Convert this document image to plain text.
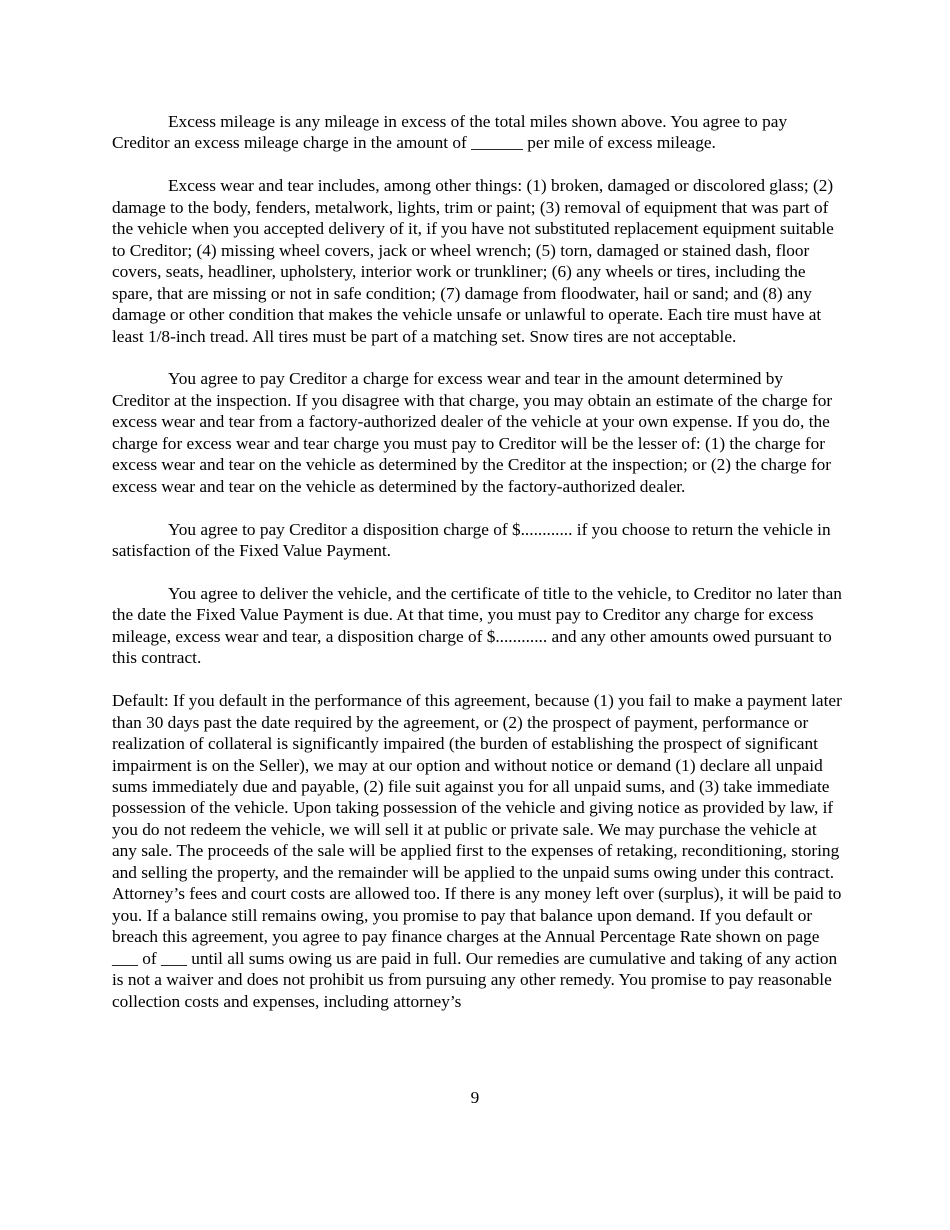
Excess mileage is any mileage in excess of the total miles shown above. You agree to pay Creditor an excess mileage charge in the amount of ______ per mile of excess mileage.

Excess wear and tear includes, among other things: (1) broken, damaged or discolored glass; (2) damage to the body, fenders, metalwork, lights, trim or paint; (3) removal of equipment that was part of the vehicle when you accepted delivery of it, if you have not substituted replacement equipment suitable to Creditor; (4) missing wheel covers, jack or wheel wrench; (5) torn, damaged or stained dash, floor covers, seats, headliner, upholstery, interior work or trunkliner; (6) any wheels or tires, including the spare, that are missing or not in safe condition; (7) damage from floodwater, hail or sand; and (8) any damage or other condition that makes the vehicle unsafe or unlawful to operate. Each tire must have at least 1/8-inch tread. All tires must be part of a matching set. Snow tires are not acceptable.

You agree to pay Creditor a charge for excess wear and tear in the amount determined by Creditor at the inspection. If you disagree with that charge, you may obtain an estimate of the charge for excess wear and tear from a factory-authorized dealer of the vehicle at your own expense. If you do, the charge for excess wear and tear charge you must pay to Creditor will be the lesser of: (1) the charge for excess wear and tear on the vehicle as determined by the Creditor at the inspection; or (2) the charge for excess wear and tear on the vehicle as determined by the factory-authorized dealer.

You agree to pay Creditor a disposition charge of $............ if you choose to return the vehicle in satisfaction of the Fixed Value Payment.

You agree to deliver the vehicle, and the certificate of title to the vehicle, to Creditor no later than the date the Fixed Value Payment is due. At that time, you must pay to Creditor any charge for excess mileage, excess wear and tear, a disposition charge of $............ and any other amounts owed pursuant to this contract.

Default: If you default in the performance of this agreement, because (1) you fail to make a payment later than 30 days past the date required by the agreement, or (2) the prospect of payment, performance or realization of collateral is significantly impaired (the burden of establishing the prospect of significant impairment is on the Seller), we may at our option and without notice or demand (1) declare all unpaid sums immediately due and payable, (2) file suit against you for all unpaid sums, and (3) take immediate possession of the vehicle. Upon taking possession of the vehicle and giving notice as provided by law, if you do not redeem the vehicle, we will sell it at public or private sale. We may purchase the vehicle at any sale. The proceeds of the sale will be applied first to the expenses of retaking, reconditioning, storing and selling the property, and the remainder will be applied to the unpaid sums owing under this contract. Attorney’s fees and court costs are allowed too. If there is any money left over (surplus), it will be paid to you. If a balance still remains owing, you promise to pay that balance upon demand. If you default or breach this agreement, you agree to pay finance charges at the Annual Percentage Rate shown on page ___ of ___ until all sums owing us are paid in full. Our remedies are cumulative and taking of any action is not a waiver and does not prohibit us from pursuing any other remedy. You promise to pay reasonable collection costs and expenses, including attorney’s

9
